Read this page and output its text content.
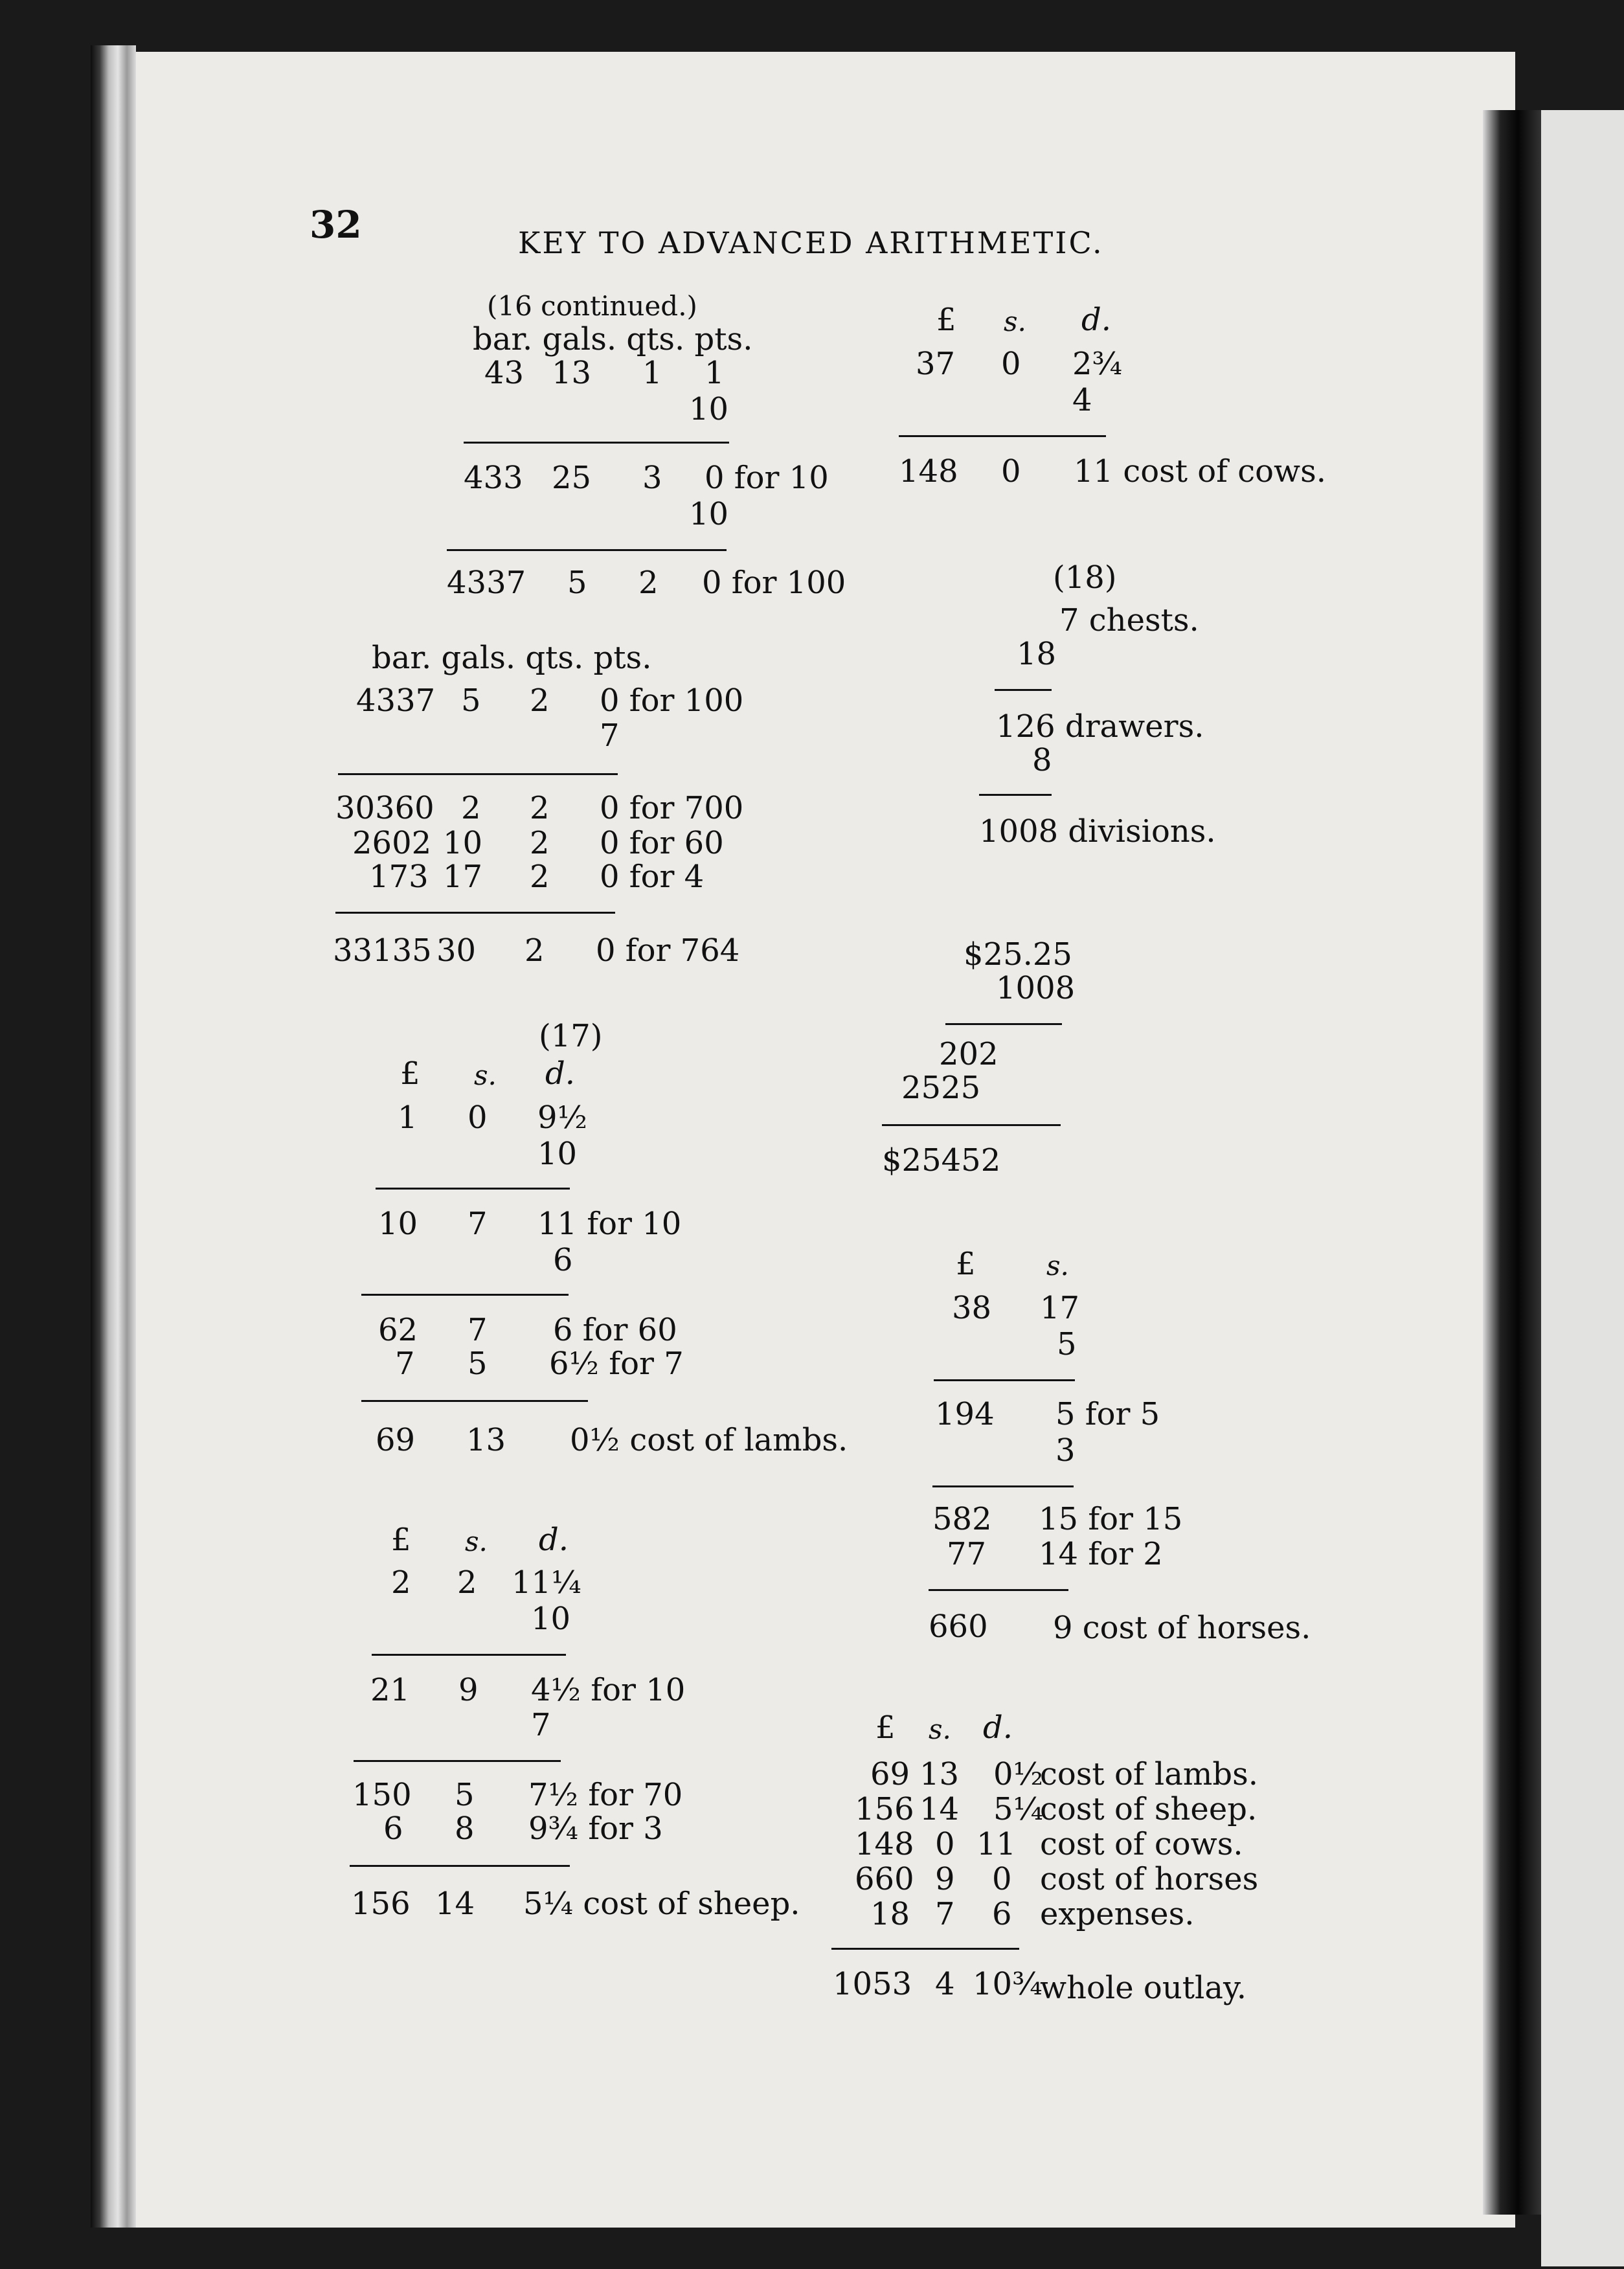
32	KEY TO ADVANCED ARITHMETIC.
(16 continued.)
bar. gals. qts. pts.
43 13 1 1
10
433 25 3 0 for 10
10
4337 5 2 0 for 100
bar. gals. qts. pts.
4337 5 2 0 for 100
7
30360 2 2 0 for 700
2602 10 2 0 for 60
173 17 2 0 for 4
33135 30 2 0 for 764
(17)
£ s. d.
1 0 9½
10
10 7 11 for 10
6
62 7 6 for 60
7 5 6½ for 7
69 13 0½ cost of lambs.
£ s. d.
2 2 11¼
10
21 9 4½ for 10
7
150 5 7½ for 70
6 8 9¾ for 3
156 14 5¼ cost of sheep.
£ s. d.
37 0 2¾
4
148 0 11 cost of cows.
(18)
7 chests.
18
126 drawers.
8
1008 divisions.
$25.25
1008
202
2525
$25452
£	s.
38 17
5
194 5 for 5
3
582 15 for 15
77 14 for 2
660 9 cost of horses.
£ s. d.
69 13 0½
cost of lambs.
156 14 5¼
cost of sheep.
148 0 11 cost of cows.
660 9 0 cost of horses
18 7 6 expenses.
1053 4 10¾
whole outlay.
